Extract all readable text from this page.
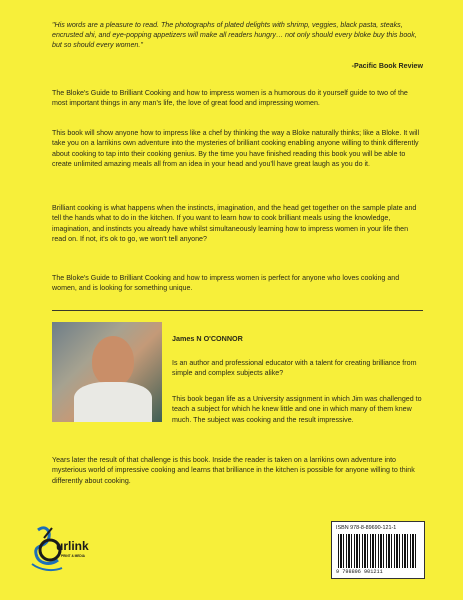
"His words are a pleasure to read. The photographs of plated delights with shrimp, veggies, black pasta, steaks, encrusted ahi, and eye-popping appetizers will make all readers hungry… not only should every bloke buy this book, but so should every women."
-Pacific Book Review
The Bloke's Guide to Brilliant Cooking and how to impress women is a humorous do it yourself guide to two of the most important things in any man's life, the love of great food and impressing women.
This book will show anyone how to impress like a chef by thinking the way a Bloke naturally thinks; like a Bloke. It will take you on a larrikins own adventure into the mysteries of brilliant cooking enabling anyone willing to think differently about cooking to tap into their cooking genius. By the time you have finished reading this book you will be able to create unlimited amazing meals all from an idea in your head and you'll have great laugh as you do it.
Brilliant cooking is what happens when the instincts, imagination, and the head get together on the sample plate and tell the hands what to do in the kitchen. If you want to learn how to cook brilliant meals using the knowledge, imagination, and instincts you already have whilst simultaneously learning how to impress women in your life then read on. If not, it's ok to go, we won't tell anyone?
The Bloke's Guide to Brilliant Cooking and how to impress women is perfect for anyone who loves cooking and women, and is looking for something unique.
James N O'CONNOR
Is an author and professional educator with a talent for creating brilliance from simple and complex subjects alike?
This book began life as a University assignment in which Jim was challenged to teach a subject for which he knew little and one in which many of them knew much. The subject was cooking and the result impressive.
Years later the result of that challenge is this book. Inside the reader is taken on a larrikins own adventure into mysterious world of impressive cooking and learns that brilliance in the kitchen is possible for anyone willing to think differently about cooking.
urlink
PRINT & MEDIA
ISBN 978-8-89690-121-1
9 798896 901211
